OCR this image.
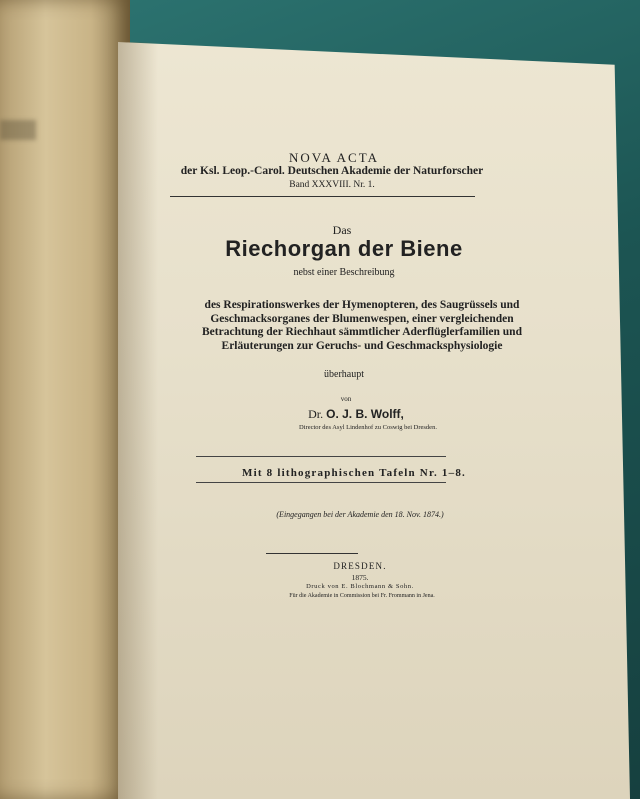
NOVA ACTA
der Ksl. Leop.-Carol. Deutschen Akademie der Naturforscher
Band XXXVIII. Nr. 1.
Das
Riechorgan der Biene
nebst einer Beschreibung
des Respirationswerkes der Hymenopteren, des Saugrüssels und
Geschmacksorganes der Blumenwespen, einer vergleichenden
Betrachtung der Riechhaut sämmtlicher Aderflüglerfamilien und
Erläuterungen zur Geruchs- und Geschmacksphysiologie
überhaupt
von
Dr. O. J. B. Wolff,
Director des Asyl Lindenhof zu Coswig bei Dresden.
Mit 8 lithographischen Tafeln Nr. 1–8.
(Eingegangen bei der Akademie den 18. Nov. 1874.)
DRESDEN.
1875.
Druck von E. Blochmann & Sohn.
Für die Akademie in Commission bei Fr. Frommann in Jena.
